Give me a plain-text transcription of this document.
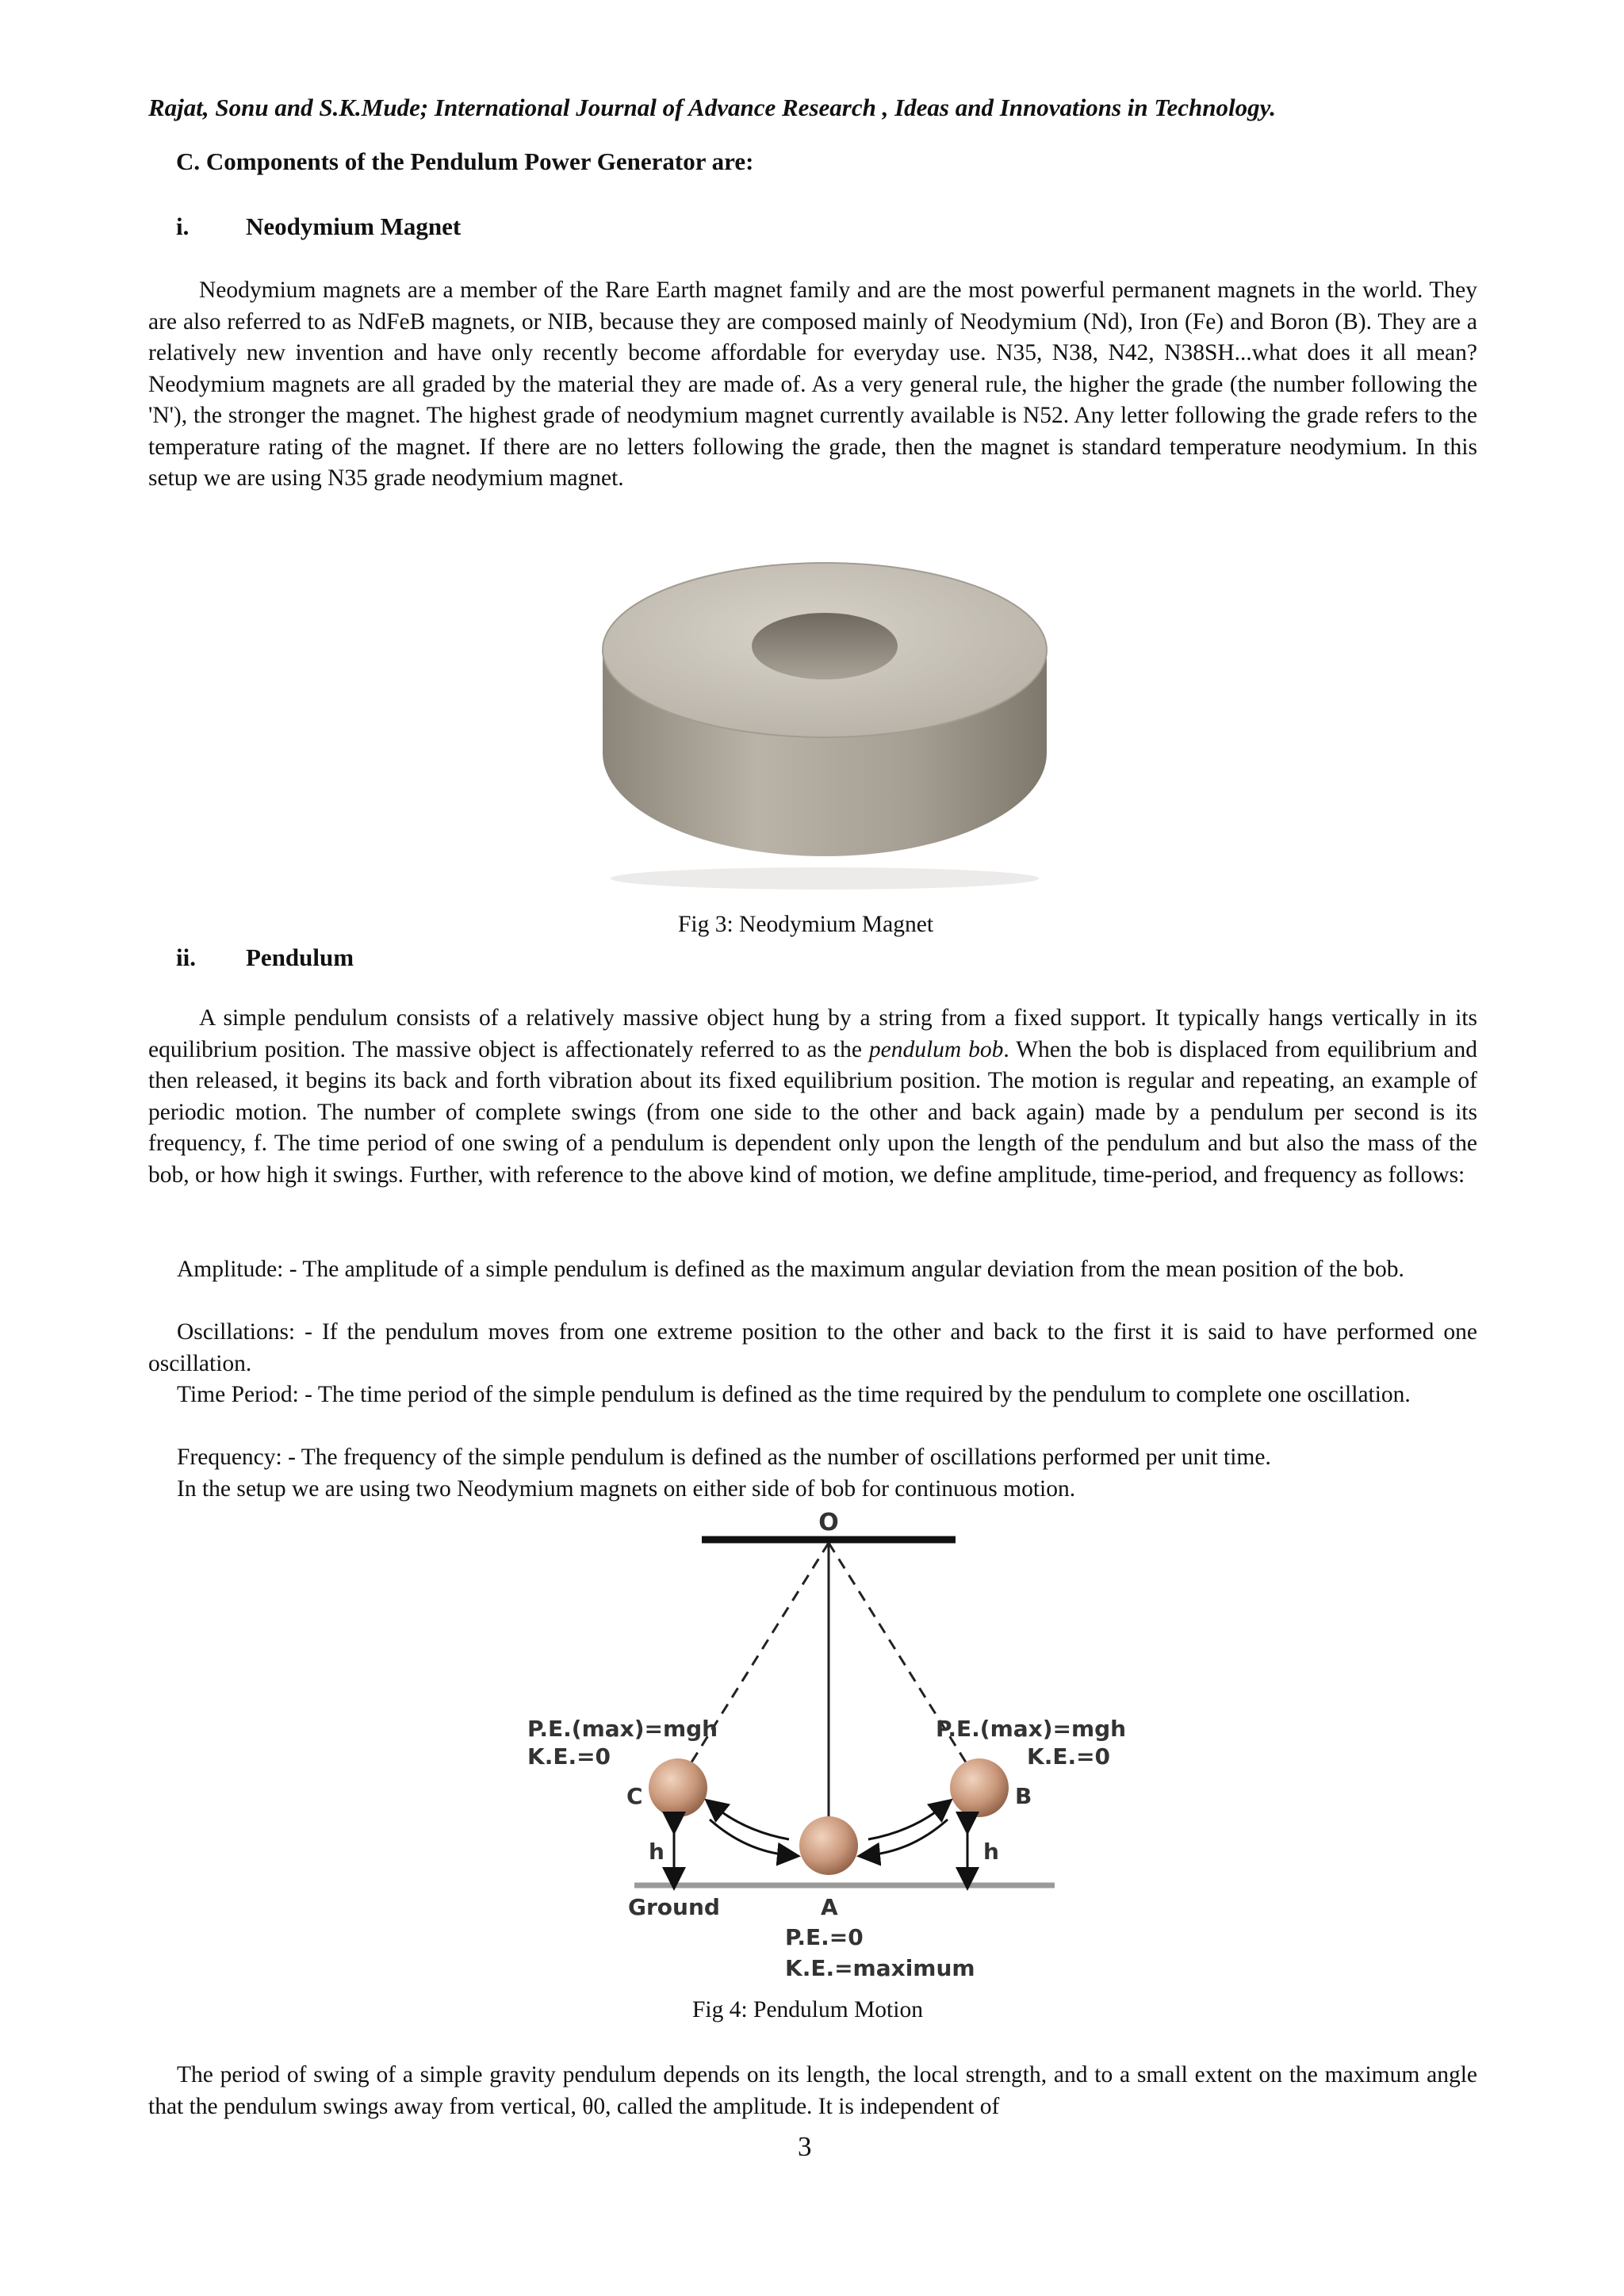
Rajat, Sonu and S.K.Mude; International Journal of Advance Research , Ideas and Innovations in Technology.
C. Components of the Pendulum Power Generator are:
i. Neodymium Magnet
Neodymium magnets are a member of the Rare Earth magnet family and are the most powerful permanent magnets in the world. They are also referred to as NdFeB magnets, or NIB, because they are composed mainly of Neodymium (Nd), Iron (Fe) and Boron (B). They are a relatively new invention and have only recently become affordable for everyday use. N35, N38, N42, N38SH...what does it all mean? Neodymium magnets are all graded by the material they are made of. As a very general rule, the higher the grade (the number following the 'N'), the stronger the magnet. The highest grade of neodymium magnet currently available is N52. Any letter following the grade refers to the temperature rating of the magnet. If there are no letters following the grade, then the magnet is standard temperature neodymium. In this setup we are using N35 grade neodymium magnet.
Fig 3: Neodymium Magnet
ii. Pendulum
A simple pendulum consists of a relatively massive object hung by a string from a fixed support. It typically hangs vertically in its equilibrium position. The massive object is affectionately referred to as the pendulum bob. When the bob is displaced from equilibrium and then released, it begins its back and forth vibration about its fixed equilibrium position. The motion is regular and repeating, an example of periodic motion. The number of complete swings (from one side to the other and back again) made by a pendulum per second is its frequency, f. The time period of one swing of a pendulum is dependent only upon the length of the pendulum and but also the mass of the bob, or how high it swings. Further, with reference to the above kind of motion, we define amplitude, time-period, and frequency as follows:
Amplitude: - The amplitude of a simple pendulum is defined as the maximum angular deviation from the mean position of the bob.
Oscillations: - If the pendulum moves from one extreme position to the other and back to the first it is said to have performed one oscillation.
Time Period: - The time period of the simple pendulum is defined as the time required by the pendulum to complete one oscillation.
Frequency: - The frequency of the simple pendulum is defined as the number of oscillations performed per unit time.
In the setup we are using two Neodymium magnets on either side of bob for continuous motion.
O
Ground
P.E.(max)=mgh
K.E.=0
P.E.(max)=mgh
K.E.=0
C	B
A
h	h
P.E.=0
K.E.=maximum
Fig 4: Pendulum Motion
The period of swing of a simple gravity pendulum depends on its length, the local strength, and to a small extent on the maximum angle that the pendulum swings away from vertical, θ0, called the amplitude. It is independent of
3
